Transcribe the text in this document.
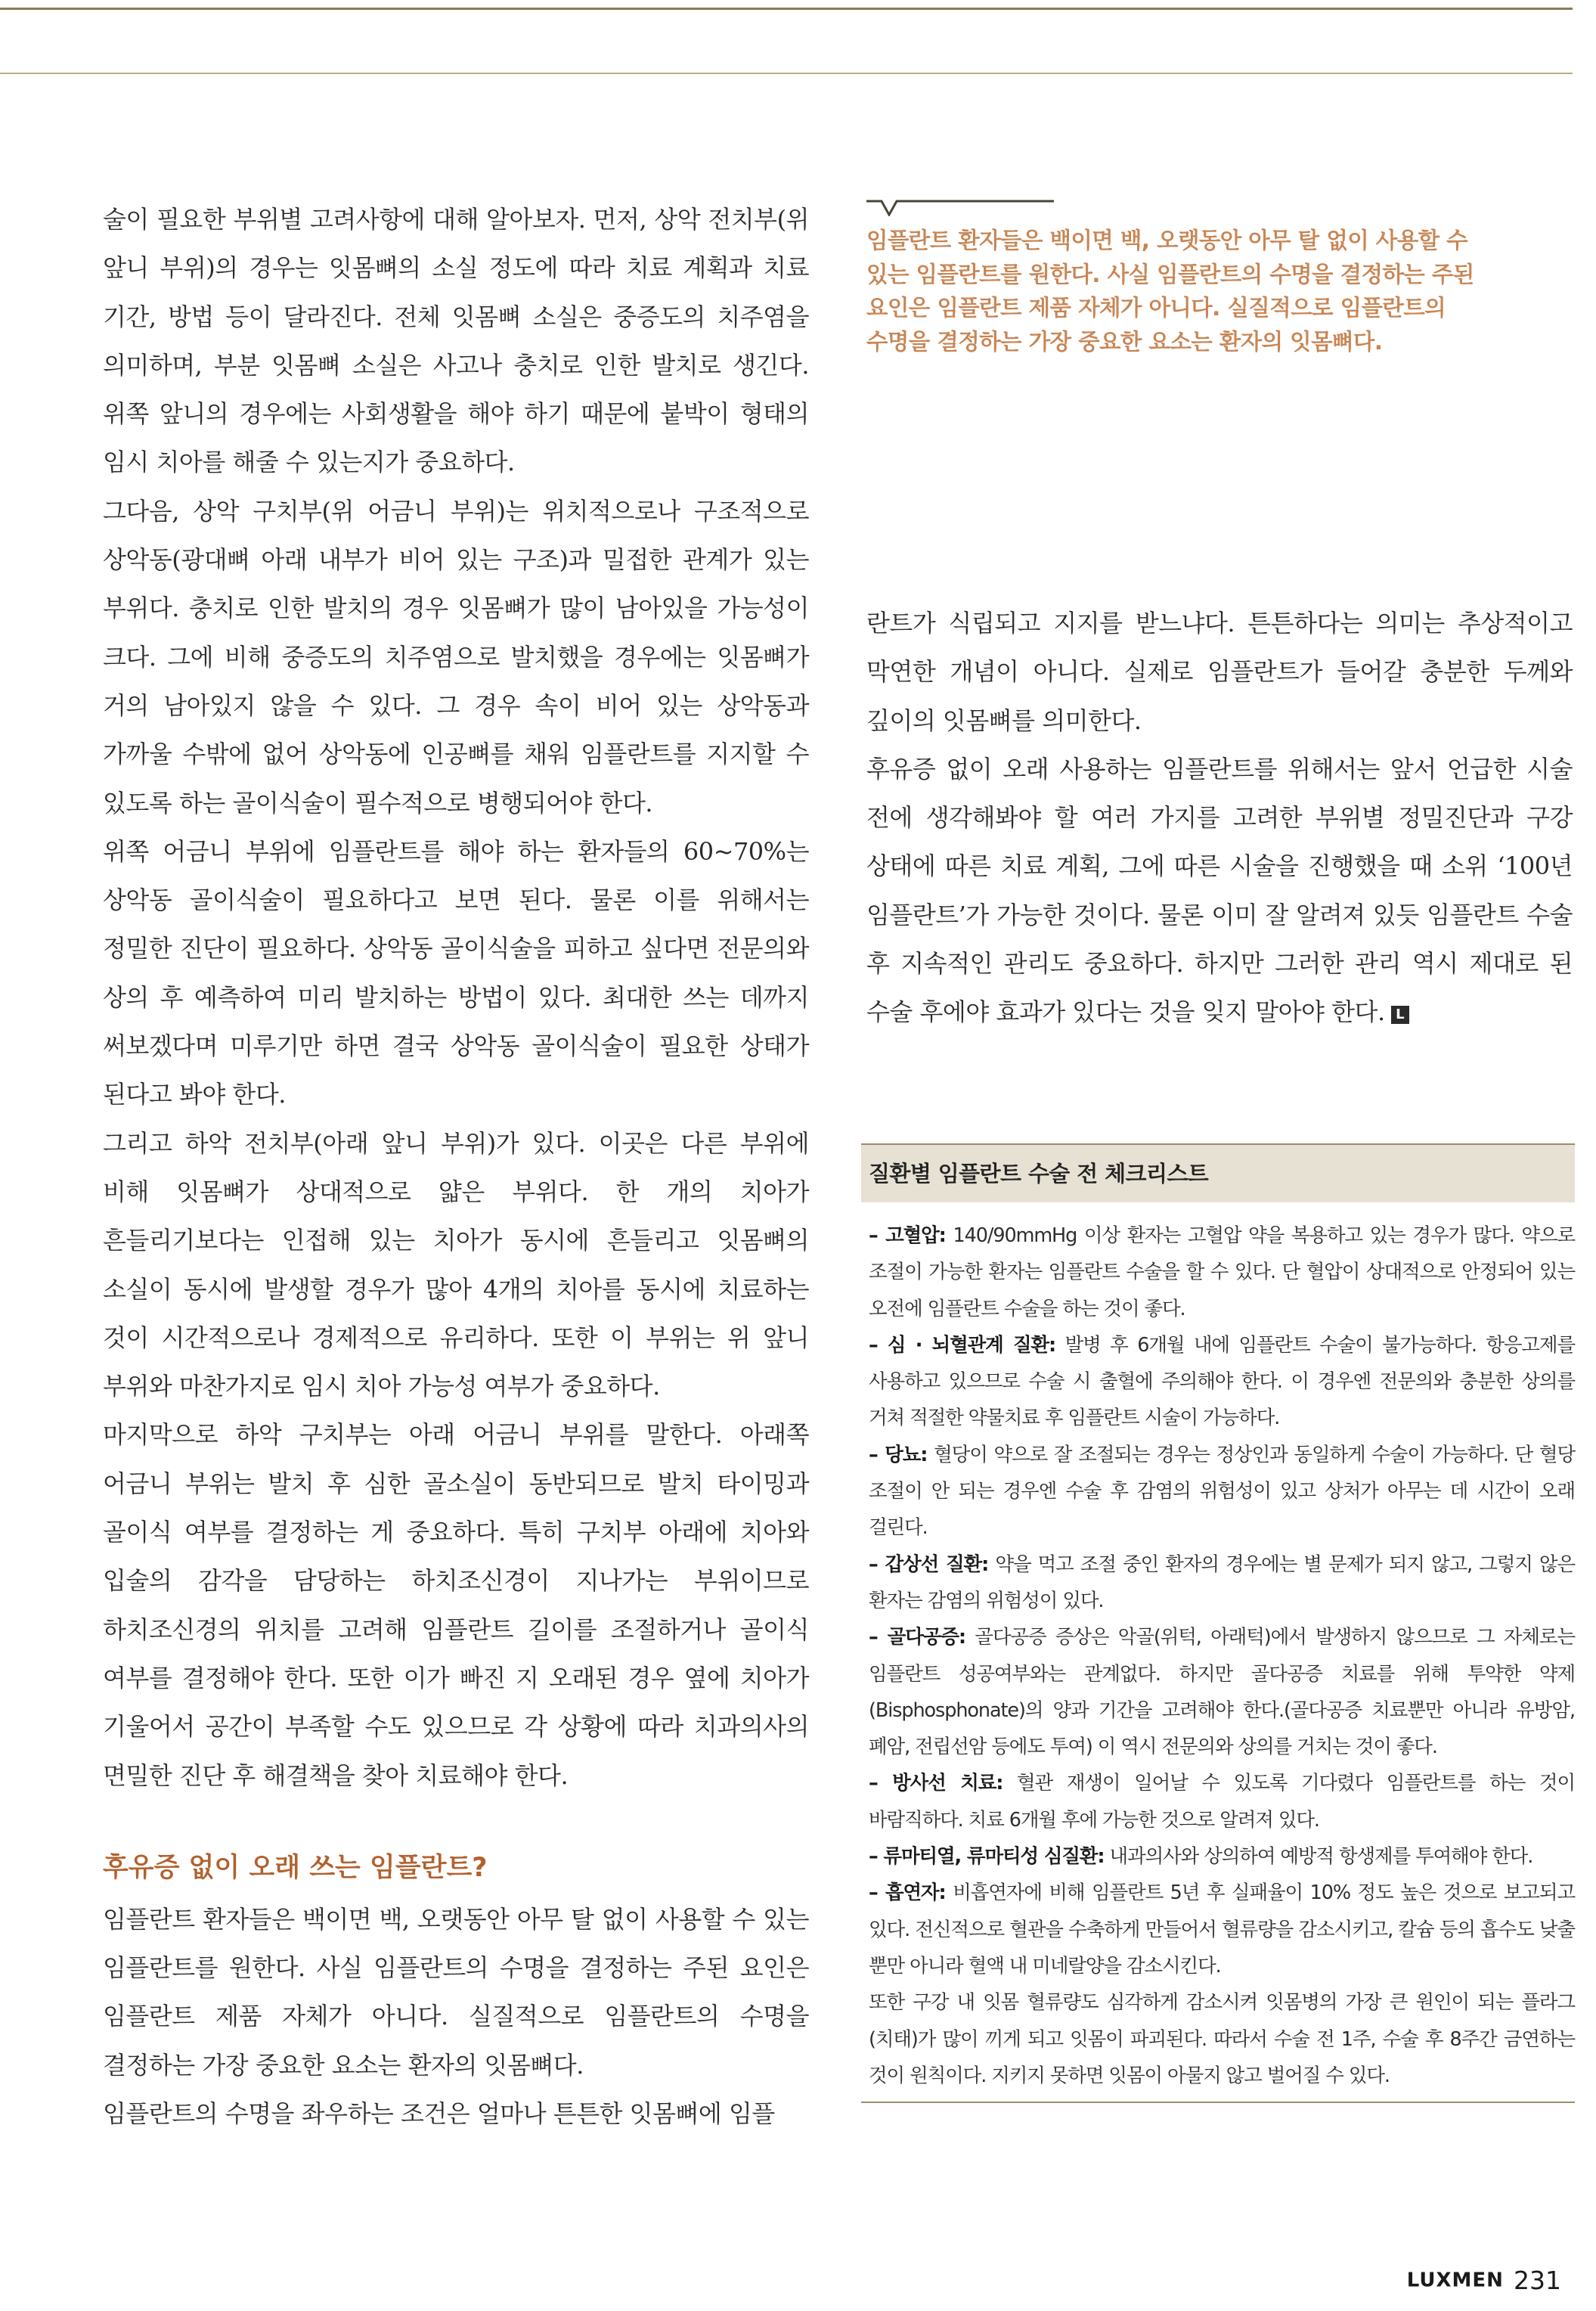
술이 필요한 부위별 고려사항에 대해 알아보자. 먼저, 상악 전치부(위 앞니 부위)의 경우는 잇몸뼈의 소실 정도에 따라 치료 계획과 치료 기간, 방법 등이 달라진다. 전체 잇몸뼈 소실은 중증도의 치주염을 의미하며, 부분 잇몸뼈 소실은 사고나 충치로 인한 발치로 생긴다. 위쪽 앞니의 경우에는 사회생활을 해야 하기 때문에 붙박이 형태의 임시 치아를 해줄 수 있는지가 중요하다.

그다음, 상악 구치부(위 어금니 부위)는 위치적으로나 구조적으로 상악동(광대뼈 아래 내부가 비어 있는 구조)과 밀접한 관계가 있는 부위다. 충치로 인한 발치의 경우 잇몸뼈가 많이 남아있을 가능성이 크다. 그에 비해 중증도의 치주염으로 발치했을 경우에는 잇몸뼈가 거의 남아있지 않을 수 있다. 그 경우 속이 비어 있는 상악동과 가까울 수밖에 없어 상악동에 인공뼈를 채워 임플란트를 지지할 수 있도록 하는 골이식술이 필수적으로 병행되어야 한다.

위쪽 어금니 부위에 임플란트를 해야 하는 환자들의 60~70%는 상악동 골이식술이 필요하다고 보면 된다. 물론 이를 위해서는 정밀한 진단이 필요하다. 상악동 골이식술을 피하고 싶다면 전문의와 상의 후 예측하여 미리 발치하는 방법이 있다. 최대한 쓰는 데까지 써보겠다며 미루기만 하면 결국 상악동 골이식술이 필요한 상태가 된다고 봐야 한다.

그리고 하악 전치부(아래 앞니 부위)가 있다. 이곳은 다른 부위에 비해 잇몸뼈가 상대적으로 얇은 부위다. 한 개의 치아가 흔들리기보다는 인접해 있는 치아가 동시에 흔들리고 잇몸뼈의 소실이 동시에 발생할 경우가 많아 4개의 치아를 동시에 치료하는 것이 시간적으로나 경제적으로 유리하다. 또한 이 부위는 위 앞니 부위와 마찬가지로 임시 치아 가능성 여부가 중요하다.

마지막으로 하악 구치부는 아래 어금니 부위를 말한다. 아래쪽 어금니 부위는 발치 후 심한 골소실이 동반되므로 발치 타이밍과 골이식 여부를 결정하는 게 중요하다. 특히 구치부 아래에 치아와 입술의 감각을 담당하는 하치조신경이 지나가는 부위이므로 하치조신경의 위치를 고려해 임플란트 길이를 조절하거나 골이식 여부를 결정해야 한다. 또한 이가 빠진 지 오래된 경우 옆에 치아가 기울어서 공간이 부족할 수도 있으므로 각 상황에 따라 치과의사의 면밀한 진단 후 해결책을 찾아 치료해야 한다.

후유증 없이 오래 쓰는 임플란트?

임플란트 환자들은 백이면 백, 오랫동안 아무 탈 없이 사용할 수 있는 임플란트를 원한다. 사실 임플란트의 수명을 결정하는 주된 요인은 임플란트 제품 자체가 아니다. 실질적으로 임플란트의 수명을 결정하는 가장 중요한 요소는 환자의 잇몸뼈다.

임플란트의 수명을 좌우하는 조건은 얼마나 튼튼한 잇몸뼈에 임플

임플란트 환자들은 백이면 백, 오랫동안 아무 탈 없이 사용할 수
있는 임플란트를 원한다. 사실 임플란트의 수명을 결정하는 주된
요인은 임플란트 제품 자체가 아니다. 실질적으로 임플란트의
수명을 결정하는 가장 중요한 요소는 환자의 잇몸뼈다.

란트가 식립되고 지지를 받느냐다. 튼튼하다는 의미는 추상적이고 막연한 개념이 아니다. 실제로 임플란트가 들어갈 충분한 두께와 깊이의 잇몸뼈를 의미한다.

후유증 없이 오래 사용하는 임플란트를 위해서는 앞서 언급한 시술 전에 생각해봐야 할 여러 가지를 고려한 부위별 정밀진단과 구강 상태에 따른 치료 계획, 그에 따른 시술을 진행했을 때 소위 ‘100년 임플란트’가 가능한 것이다. 물론 이미 잘 알려져 있듯 임플란트 수술 후 지속적인 관리도 중요하다. 하지만 그러한 관리 역시 제대로 된 수술 후에야 효과가 있다는 것을 잊지 말아야 한다. L

질환별 임플란트 수술 전 체크리스트

– 고혈압: 140/90mmHg 이상 환자는 고혈압 약을 복용하고 있는 경우가 많다. 약으로 조절이 가능한 환자는 임플란트 수술을 할 수 있다. 단 혈압이 상대적으로 안정되어 있는 오전에 임플란트 수술을 하는 것이 좋다.

– 심 · 뇌혈관계 질환: 발병 후 6개월 내에 임플란트 수술이 불가능하다. 항응고제를 사용하고 있으므로 수술 시 출혈에 주의해야 한다. 이 경우엔 전문의와 충분한 상의를 거쳐 적절한 약물치료 후 임플란트 시술이 가능하다.

– 당뇨: 혈당이 약으로 잘 조절되는 경우는 정상인과 동일하게 수술이 가능하다. 단 혈당 조절이 안 되는 경우엔 수술 후 감염의 위험성이 있고 상처가 아무는 데 시간이 오래 걸린다.

– 갑상선 질환: 약을 먹고 조절 중인 환자의 경우에는 별 문제가 되지 않고, 그렇지 않은 환자는 감염의 위험성이 있다.

– 골다공증: 골다공증 증상은 악골(위턱, 아래턱)에서 발생하지 않으므로 그 자체로는 임플란트 성공여부와는 관계없다. 하지만 골다공증 치료를 위해 투약한 약제(Bisphosphonate)의 양과 기간을 고려해야 한다.(골다공증 치료뿐만 아니라 유방암, 폐암, 전립선암 등에도 투여) 이 역시 전문의와 상의를 거치는 것이 좋다.

– 방사선 치료: 혈관 재생이 일어날 수 있도록 기다렸다 임플란트를 하는 것이 바람직하다. 치료 6개월 후에 가능한 것으로 알려져 있다.

– 류마티열, 류마티성 심질환: 내과의사와 상의하여 예방적 항생제를 투여해야 한다.

– 흡연자: 비흡연자에 비해 임플란트 5년 후 실패율이 10% 정도 높은 것으로 보고되고 있다. 전신적으로 혈관을 수축하게 만들어서 혈류량을 감소시키고, 칼슘 등의 흡수도 낮출 뿐만 아니라 혈액 내 미네랄양을 감소시킨다.

또한 구강 내 잇몸 혈류량도 심각하게 감소시켜 잇몸병의 가장 큰 원인이 되는 플라그(치태)가 많이 끼게 되고 잇몸이 파괴된다. 따라서 수술 전 1주, 수술 후 8주간 금연하는 것이 원칙이다. 지키지 못하면 잇몸이 아물지 않고 벌어질 수 있다.

LUXMEN 231
